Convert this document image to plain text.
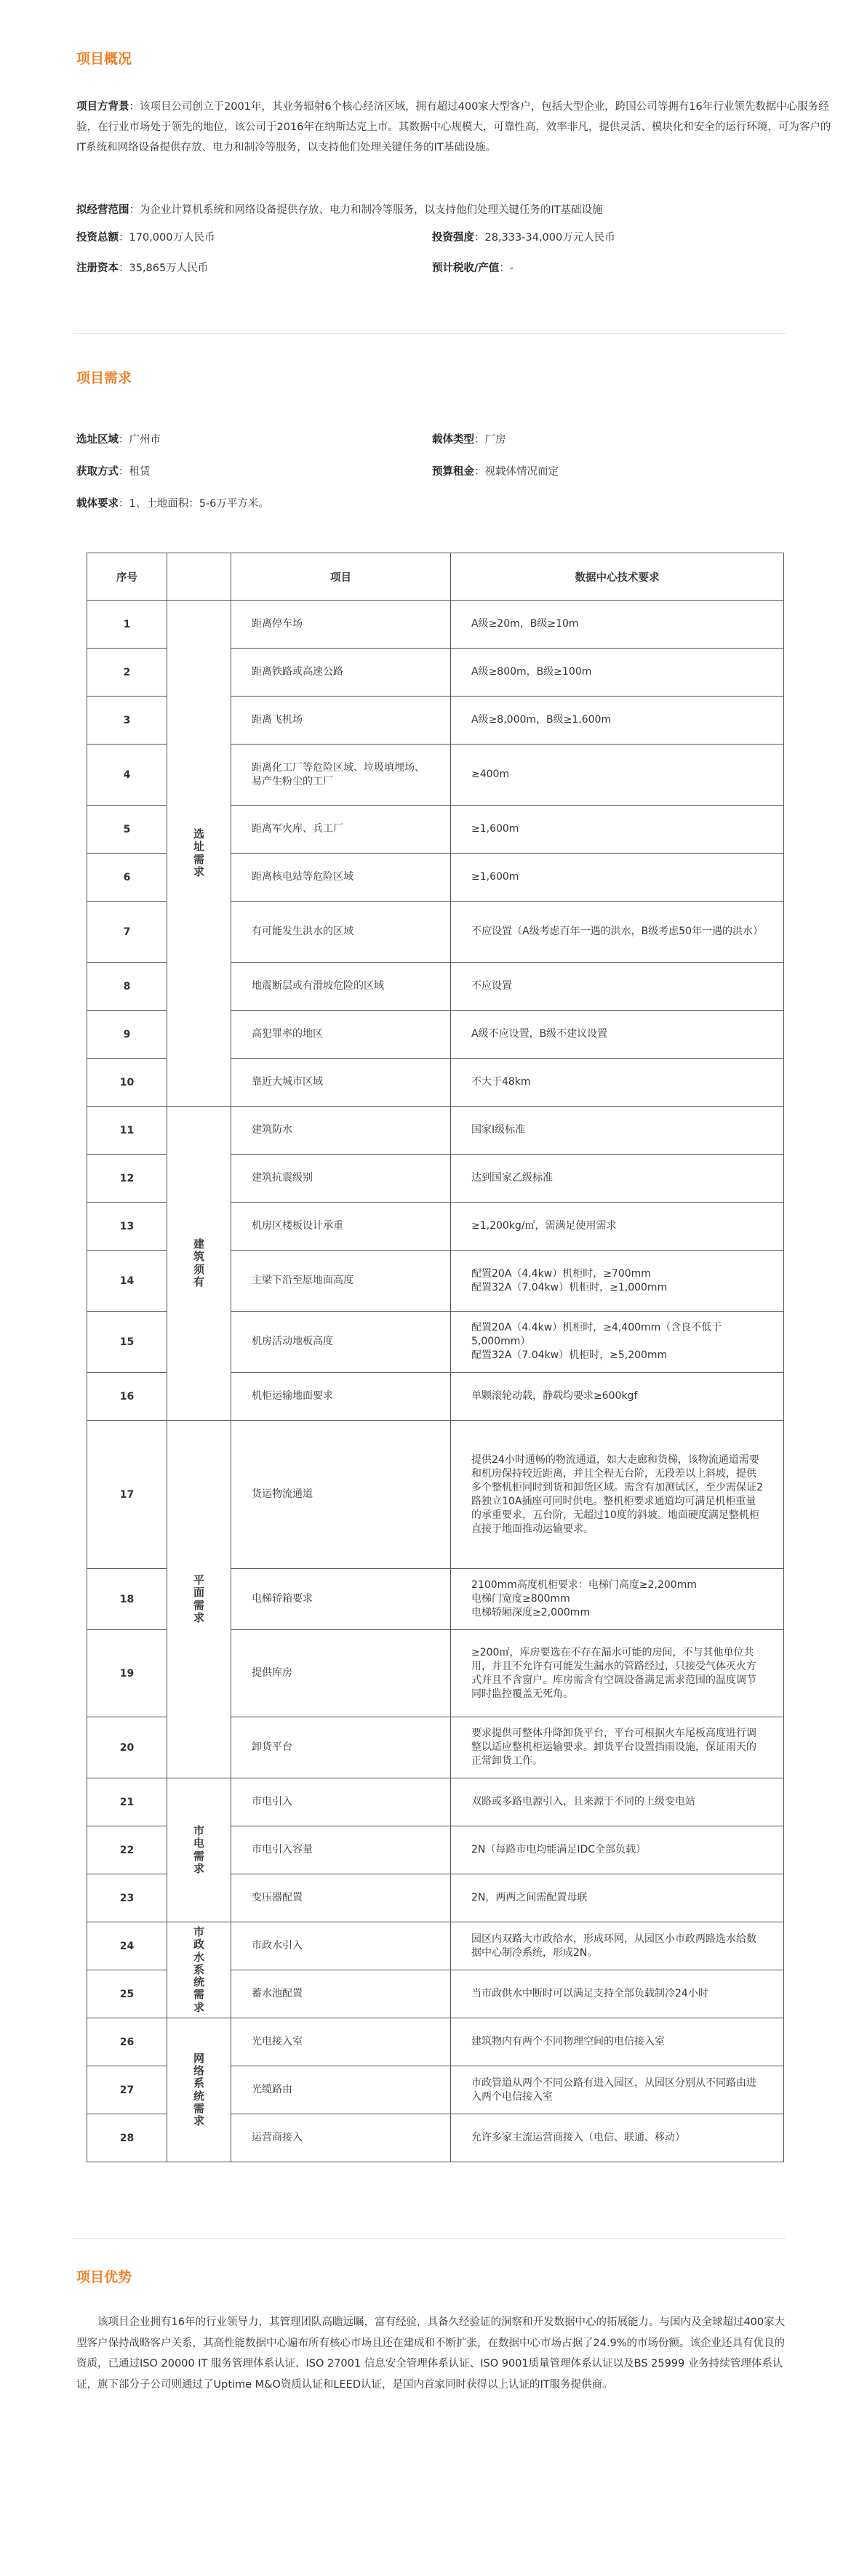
项目概况
项目方背景：该项目公司创立于2001年，其业务辐射6个核心经济区域，拥有超过400家大型客户，包括大型企业，跨国公司等拥有16年行业领先数据中心服务经验，在行业市场处于领先的地位，该公司于2016年在纳斯达克上市。其数据中心规模大，可靠性高，效率非凡，提供灵活、模块化和安全的运行环境，可为客户的IT系统和网络设备提供存放、电力和制冷等服务，以支持他们处理关键任务的IT基础设施。
拟经营范围：为企业计算机系统和网络设备提供存放、电力和制冷等服务，以支持他们处理关键任务的IT基础设施
投资总额：170,000万人民币	投资强度：28,333-34,000万元人民币
注册资本：35,865万人民币	预计税收/产值：-
项目需求
选址区域：广州市	载体类型：厂房
获取方式：租赁	预算租金：视载体情况而定
载体要求：1、土地面积：5-6万平方米。
序号		项目	数据中心技术要求
1	选址需求	距离停车场	A级≥20m，B级≥10m
2		距离铁路或高速公路	A级≥800m，B级≥100m
3		距离飞机场	A级≥8,000m，B级≥1,600m
4		距离化工厂等危险区域、垃圾填埋场、易产生粉尘的工厂	≥400m
5		距离军火库、兵工厂	≥1,600m
6		距离核电站等危险区域	≥1,600m
7		有可能发生洪水的区域	不应设置（A级考虑百年一遇的洪水，B级考虑50年一遇的洪水）
8		地震断层或有滑坡危险的区域	不应设置
9		高犯罪率的地区	A级不应设置，B级不建议设置
10		靠近大城市区域	不大于48km
11	建筑须有	建筑防水	国家Ⅰ级标准
12		建筑抗震级别	达到国家乙级标准
13		机房区楼板设计承重	≥1,200kg/㎡，需满足使用需求
14		主梁下沿至原地面高度	配置20A（4.4kw）机柜时，≥700mm
配置32A（7.04kw）机柜时，≥1,000mm
15		机房活动地板高度	配置20A（4.4kw）机柜时，≥4,400mm（含良不低于5,000mm）
配置32A（7.04kw）机柜时，≥5,200mm
16		机柜运输地面要求	单颗滚轮动载，静载均要求≥600kgf
17	平面需求	货运物流通道	提供24小时通畅的物流通道，如大走廊和货梯，该物流通道需要和机房保持较近距离，并且全程无台阶，无段差以上斜坡，提供多个整机柜同时到货和卸货区域。需含有加测试区，至少需保证2路独立10A插座可同时供电。整机柜要求通道均可满足机柜重量的承重要求，五台阶，无超过10度的斜坡。地面硬度满足整机柜直接于地面推动运输要求。
18		电梯轿箱要求	2100mm高度机柜要求：电梯门高度≥2,200mm
电梯门宽度≥800mm
电梯轿厢深度≥2,000mm
19		提供库房	≥200㎡，库房要选在不存在漏水可能的房间，不与其他单位共用，并且不允许有可能发生漏水的管路经过，只接受气体灭火方式并且不含窗户。库房需含有空调设备满足需求范围的温度调节同时监控覆盖无死角。
20		卸货平台	要求提供可整体升降卸货平台，平台可根据火车尾板高度进行调整以适应整机柜运输要求。卸货平台设置挡雨设施，保证雨天的正常卸货工作。
21	市电需求	市电引入	双路或多路电源引入，且来源于不同的上级变电站
22		市电引入容量	2N（每路市电均能满足IDC全部负载）
23		变压器配置	2N，两两之间需配置母联
24	市政水系统需求	市政水引入	园区内双路大市政给水，形成环网，从园区小市政两路选水给数据中心制冷系统，形成2N。
25		蓄水池配置	当市政供水中断时可以满足支持全部负载制冷24小时
26	网络系统需求	光电接入室	建筑物内有两个不同物理空间的电信接入室
27		光缆路由	市政管道从两个不同公路有进入园区，从园区分别从不同路由进入两个电信接入室
28		运营商接入	允许多家主流运营商接入（电信、联通、移动）
项目优势

该项目企业拥有16年的行业领导力，其管理团队高瞻远瞩，富有经验，具备久经验证的洞察和开发数据中心的拓展能力。与国内及全球超过400家大型客户保持战略客户关系，其高性能数据中心遍布所有核心市场且还在建成和不断扩张，在数据中心市场占据了24.9%的市场份额。该企业还具有优良的资质，已通过ISO 20000 IT 服务管理体系认证、ISO 27001 信息安全管理体系认证、ISO 9001质量管理体系认证以及BS 25999 业务持续管理体系认证，旗下部分子公司则通过了Uptime M&O资质认证和LEED认证，是国内首家同时获得以上认证的IT服务提供商。
